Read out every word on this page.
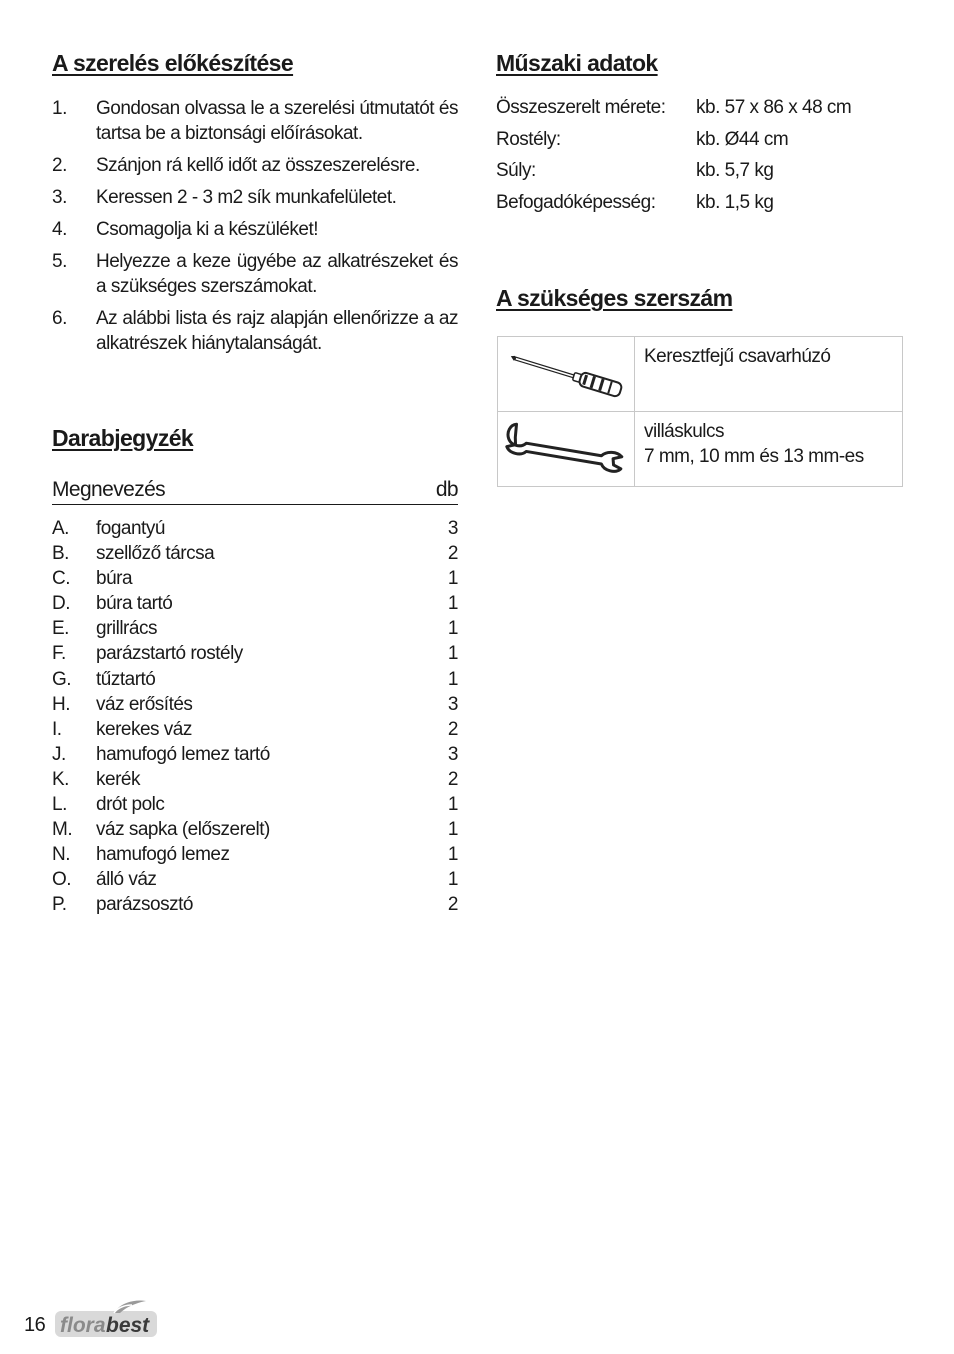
A szerelés előkészítése
1.	Gondosan olvassa le a szerelési útmutatót és tartsa be a biztonsági előírásokat.
2.	Szánjon rá kellő időt az összeszerelésre.
3.	Keressen 2 - 3 m2 sík munkafelületet.
4.	Csomagolja ki a készüléket!
5.	Helyezze a keze ügyébe az alkatrészeket és a szükséges szerszámokat.
6.	Az alábbi lista és rajz alapján ellenőrizze a az alkatrészek hiánytalanságát.
Darabjegyzék
Megnevezés	db
A.	fogantyú	3
B.	szellőző tárcsa	2
C.	búra	1
D.	búra tartó	1
E.	grillrács	1
F.	parázstartó rostély	1
G.	tűztartó	1
H.	váz erősítés	3
I.	kerekes váz	2
J.	hamufogó lemez tartó	3
K.	kerék	2
L.	drót polc	1
M.	váz sapka (előszerelt)	1
N.	hamufogó lemez	1
O.	álló váz	1
P.	parázsosztó	2
Műszaki adatok
Összeszerelt mérete:	kb. 57 x 86 x 48 cm
Rostély:	kb. Ø44 cm
Súly:	kb. 5,7 kg
Befogadóképesség:	kb. 1,5 kg
A szükséges szerszám
Keresztfejű csavarhúzó
villáskulcs
7 mm, 10 mm és 13 mm-es
16 flora best
